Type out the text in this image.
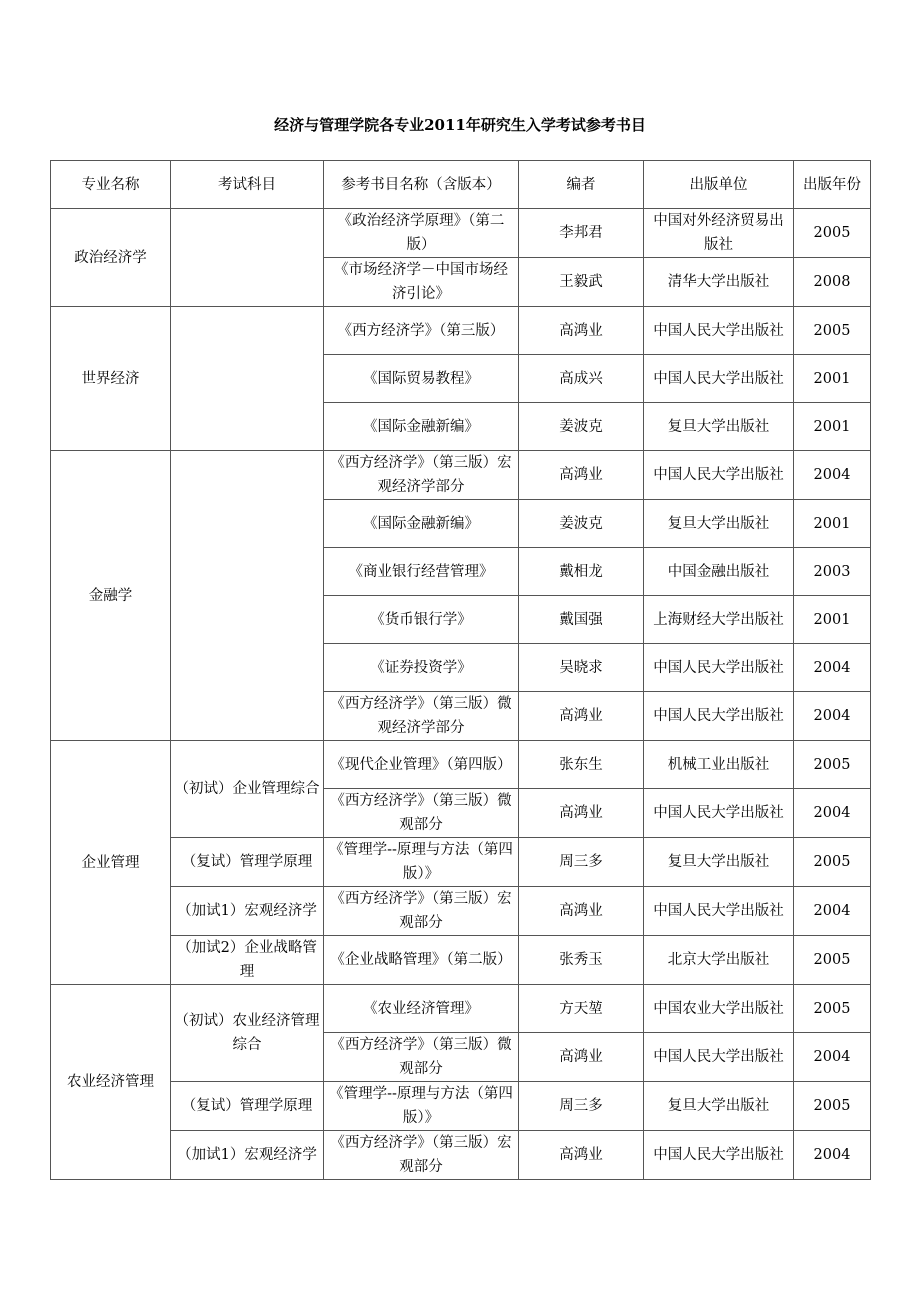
经济与管理学院各专业2011年研究生入学考试参考书目
专业名称	考试科目	参考书目名称（含版本）	编者	出版单位	出版年份
政治经济学		《政治经济学原理》（第二版）	李邦君	中国对外经济贸易出版社	2005
		《市场经济学－中国市场经济引论》	王毅武	清华大学出版社	2008
世界经济		《西方经济学》（第三版）	高鸿业	中国人民大学出版社	2005
		《国际贸易教程》	高成兴	中国人民大学出版社	2001
		《国际金融新编》	姜波克	复旦大学出版社	2001
金融学		《西方经济学》（第三版）宏观经济学部分	高鸿业	中国人民大学出版社	2004
		《国际金融新编》	姜波克	复旦大学出版社	2001
		《商业银行经营管理》	戴相龙	中国金融出版社	2003
		《货币银行学》	戴国强	上海财经大学出版社	2001
		《证券投资学》	吴晓求	中国人民大学出版社	2004
		《西方经济学》（第三版）微观经济学部分	高鸿业	中国人民大学出版社	2004
企业管理	（初试）企业管理综合	《现代企业管理》（第四版）	张东生	机械工业出版社	2005
		《西方经济学》（第三版）微观部分	高鸿业	中国人民大学出版社	2004
	（复试）管理学原理	《管理学--原理与方法（第四版）》	周三多	复旦大学出版社	2005
	（加试1）宏观经济学	《西方经济学》（第三版）宏观部分	高鸿业	中国人民大学出版社	2004
	（加试2）企业战略管理	《企业战略管理》（第二版）	张秀玉	北京大学出版社	2005
农业经济管理	（初试）农业经济管理综合	《农业经济管理》	方天堃	中国农业大学出版社	2005
		《西方经济学》（第三版）微观部分	高鸿业	中国人民大学出版社	2004
	（复试）管理学原理	《管理学--原理与方法（第四版）》	周三多	复旦大学出版社	2005
	（加试1）宏观经济学	《西方经济学》（第三版）宏观部分	高鸿业	中国人民大学出版社	2004
